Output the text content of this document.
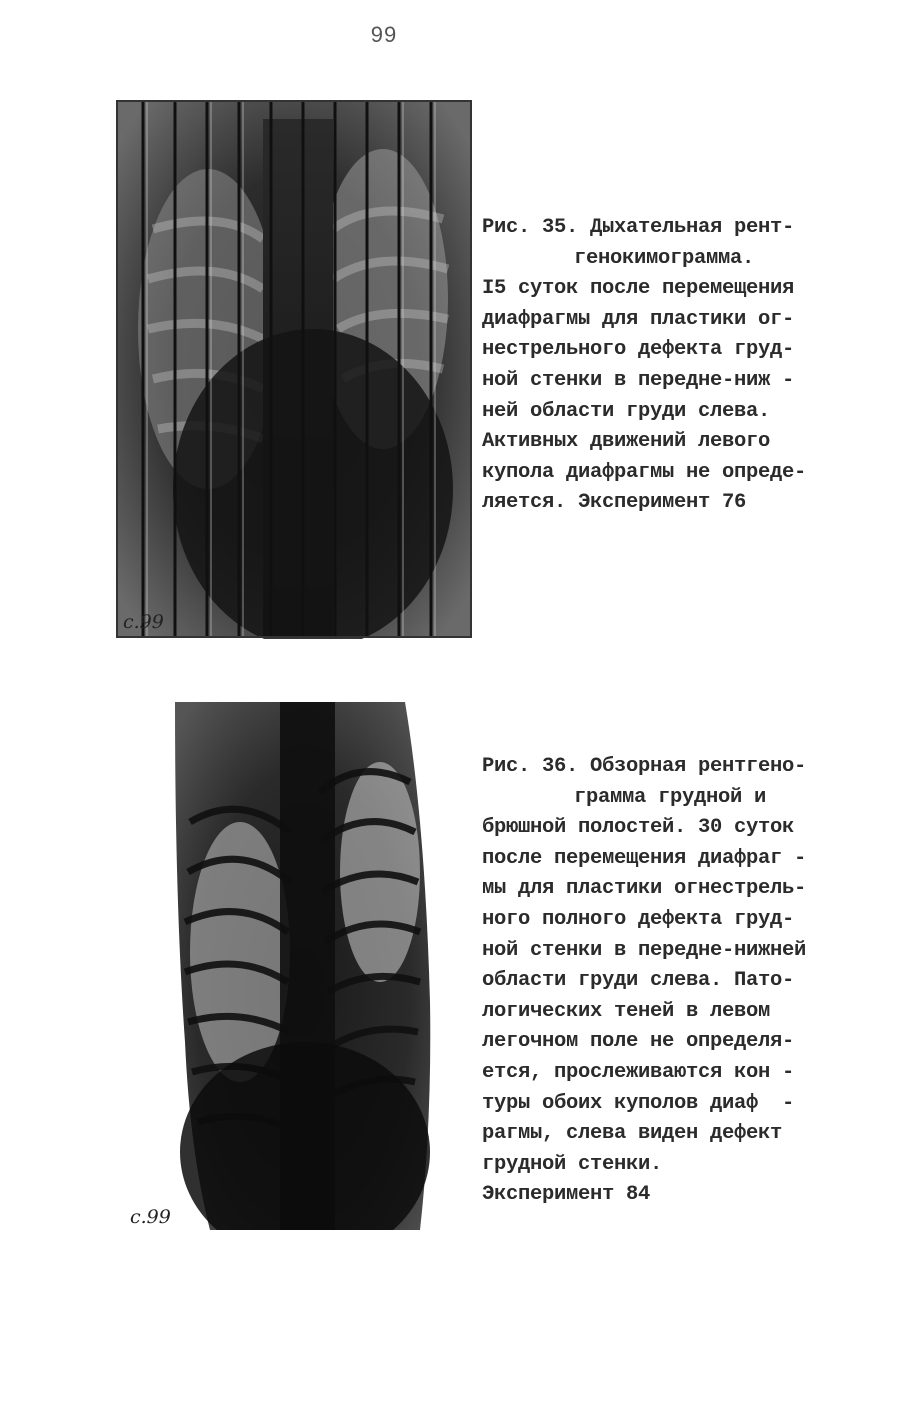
99
с.99
Рис. 35. Дыхательная рент-
генокимограмма.
I5 суток после перемещения
диафрагмы для пластики ог-
нестрельного дефекта груд-
ной стенки в передне-ниж -
ней области груди слева.
Активных движений левого
купола диафрагмы не опреде-
ляется. Эксперимент 76
с.99
Рис. 36. Обзорная рентгено-
грамма грудной и
брюшной полостей. 30 суток
после перемещения диафраг -
мы для пластики огнестрель-
ного полного дефекта груд-
ной стенки в передне-нижней
области груди слева. Пато-
логических теней в левом
легочном поле не определя-
ется, прослеживаются кон -
туры обоих куполов диаф  -
рагмы, слева виден дефект
грудной стенки.
Эксперимент 84
